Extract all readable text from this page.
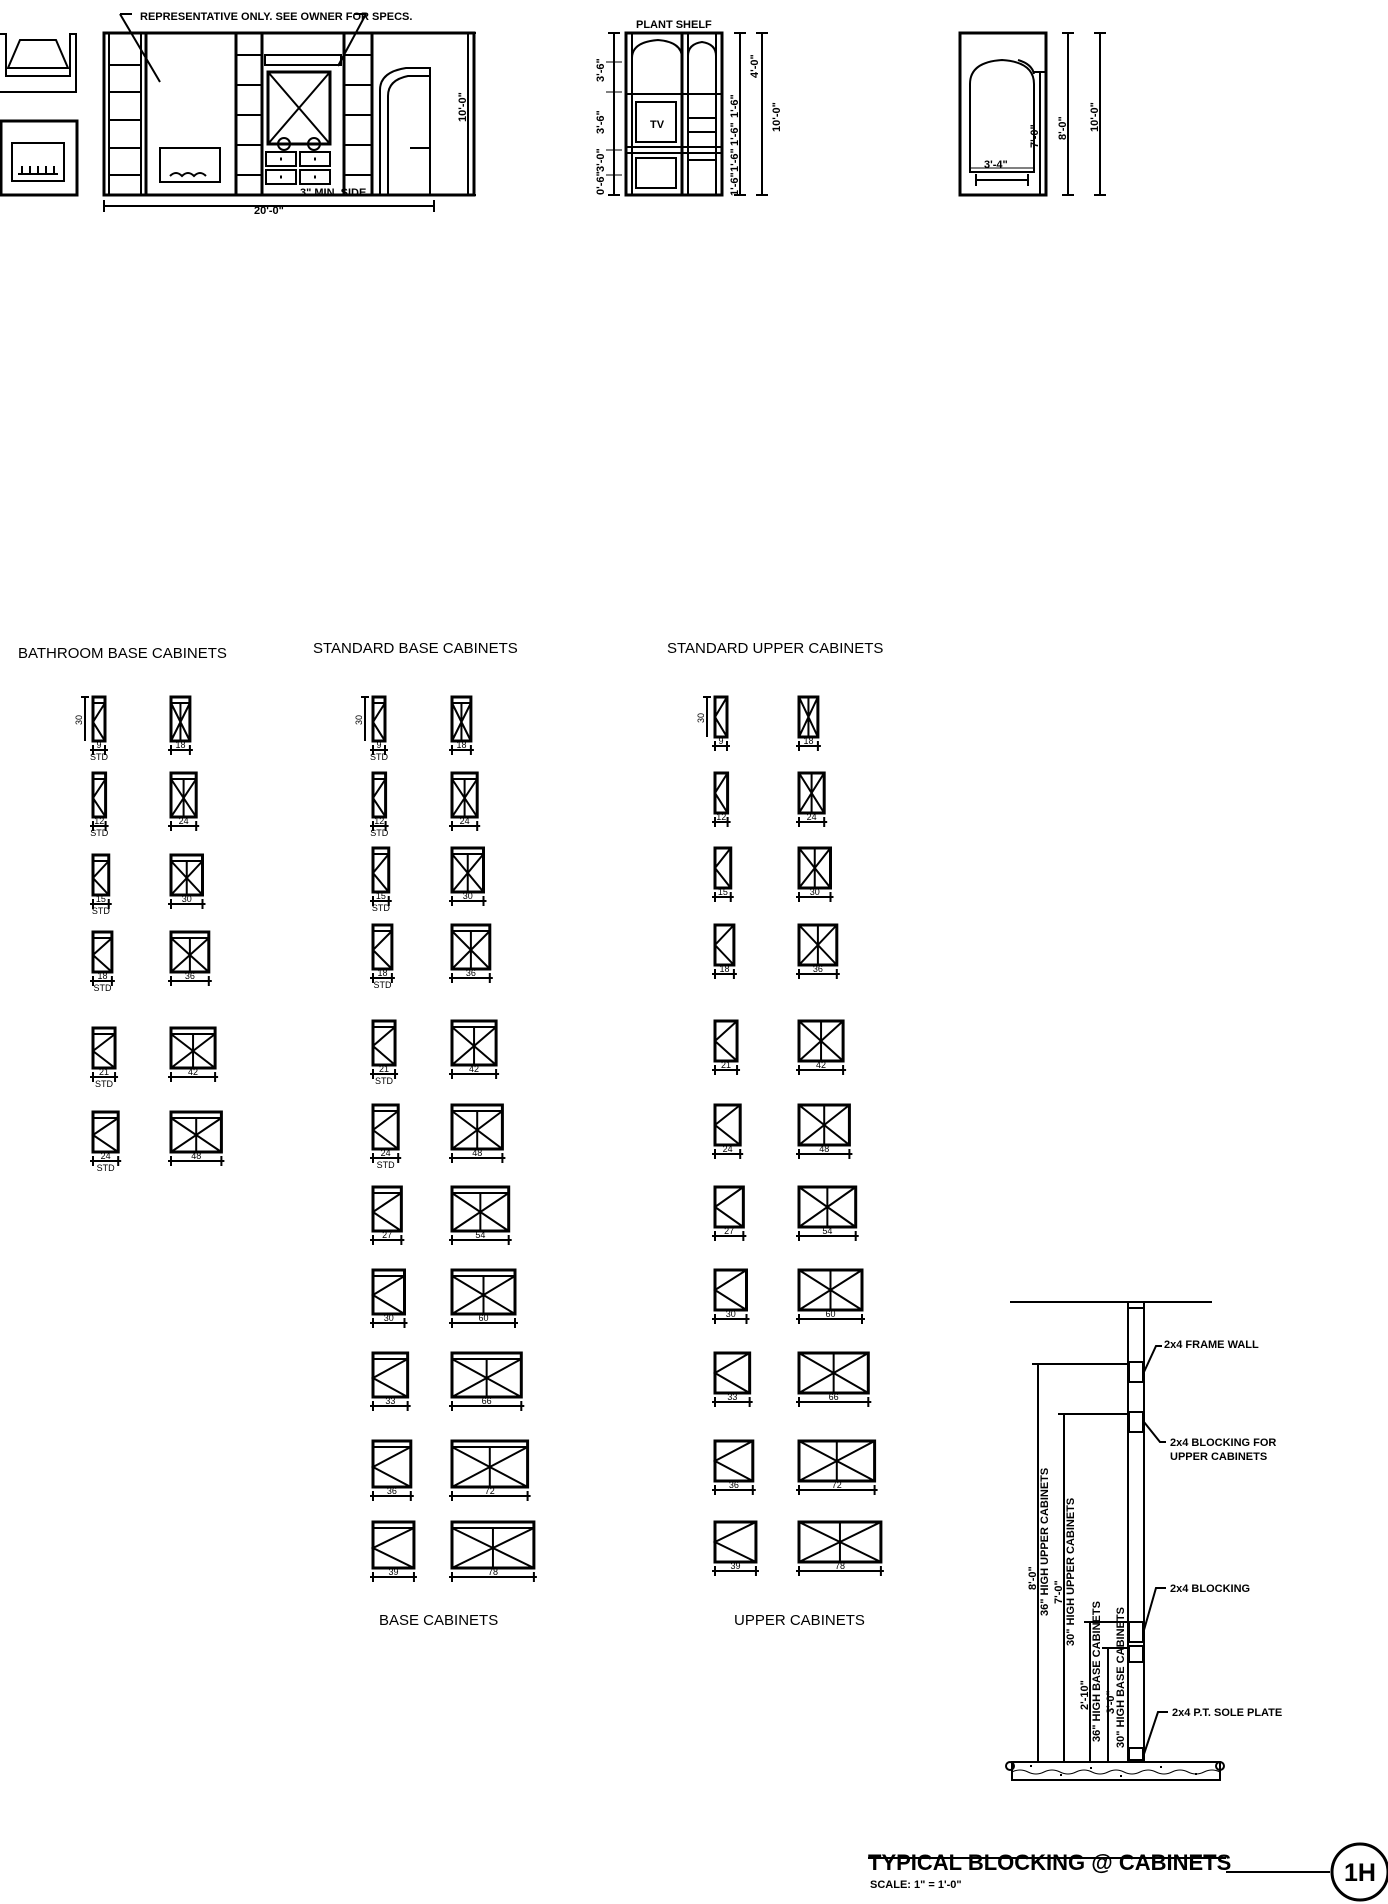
9
STD
30
12
STD
15
STD
18
STD
21
STD
24
STD
18
24
30
36
42
48
9
STD
30
12
STD
15
STD
18
STD
21
STD
24
STD
27
30
33
36
39
18
24
30
36
42
48
54
60
66
72
78
9
30
12
15
18
21
24
27
30
33
36
39
18
24
30
36
42
48
54
60
66
72
78
REPRESENTATIVE ONLY. SEE OWNER FOR SPECS.
20'-0"
3" MIN. SIDE
10'-0"
PLANT SHELF
TV
3'-6"
3'-6"
3'-0"
0'-6"
4'-0"
1'-6"
1'-6"
1'-6"
1'-6"
10'-0"
3'-4"
7'-0" 8'-0" 10'-0"
BATHROOM BASE CABINETS	STANDARD BASE CABINETS	STANDARD UPPER CABINETS
BASE CABINETS	UPPER CABINETS
2x4 FRAME WALL
2x4 BLOCKING FOR
UPPER CABINETS
2x4 BLOCKING
2x4 P.T. SOLE PLATE
8'-0" 36" HIGH UPPER CABINETS 7'-0" 30" HIGH UPPER CABINETS
2'-10" 36" HIGH BASE CABINETS 3'-0"
30" HIGH BASE CABINETS
TYPICAL BLOCKING @ CABINETS
SCALE: 1" = 1'-0"	1H
